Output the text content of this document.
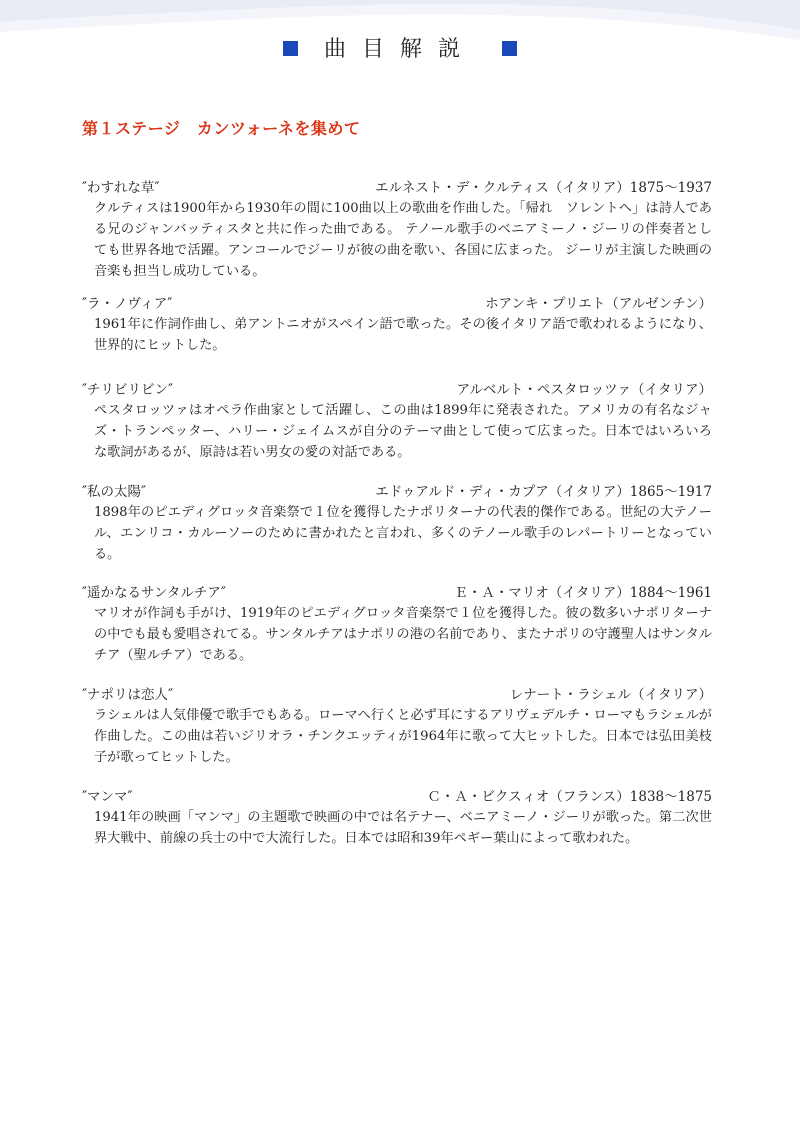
曲目解説
第１ステージ　カンツォーネを集めて
″わすれな草″	エルネスト・デ・クルティス（イタリア）1875～1937

クルティスは1900年から1930年の間に100曲以上の歌曲を作曲した。「帰れ　ソレントへ」は詩人である兄のジャンバッティスタと共に作った曲である。 テノール歌手のベニアミーノ・ジーリの伴奏者としても世界各地で活躍。アンコールでジーリが彼の曲を歌い、各国に広まった。 ジーリが主演した映画の音楽も担当し成功している。

″ラ・ノヴィア″	ホアンキ・プリエト（アルゼンチン）

1961年に作詞作曲し、弟アントニオがスペイン語で歌った。その後イタリア語で歌われるようになり、世界的にヒットした。

″チリビリビン″	アルベルト・ペスタロッツァ（イタリア）

ペスタロッツァはオペラ作曲家として活躍し、この曲は1899年に発表された。アメリカの有名なジャズ・トランペッター、ハリー・ジェイムスが自分のテーマ曲として使って広まった。日本ではいろいろな歌詞があるが、原詩は若い男女の愛の対話である。

″私の太陽″	エドゥアルド・ディ・カプア（イタリア）1865～1917

1898年のピエディグロッタ音楽祭で１位を獲得したナポリターナの代表的傑作である。世紀の大テノール、エンリコ・カルーソーのために書かれたと言われ、多くのテノール歌手のレパートリーとなっている。

″遥かなるサンタルチア″	Ｅ・Ａ・マリオ（イタリア）1884～1961

マリオが作詞も手がけ、1919年のピエディグロッタ音楽祭で１位を獲得した。彼の数多いナポリターナの中でも最も愛唱されてる。サンタルチアはナポリの港の名前であり、またナポリの守護聖人はサンタルチア（聖ルチア）である。

″ナポリは恋人″	レナート・ラシェル（イタリア）

ラシェルは人気俳優で歌手でもある。ローマへ行くと必ず耳にするアリヴェデルチ・ローマもラシェルが作曲した。この曲は若いジリオラ・チンクエッティが1964年に歌って大ヒットした。日本では弘田美枝子が歌ってヒットした。

″マンマ″	Ｃ・Ａ・ビクスィオ（フランス）1838～1875

1941年の映画「マンマ」の主題歌で映画の中では名テナー、ベニアミーノ・ジーリが歌った。第二次世界大戦中、前線の兵士の中で大流行した。日本では昭和39年ペギー葉山によって歌われた。
